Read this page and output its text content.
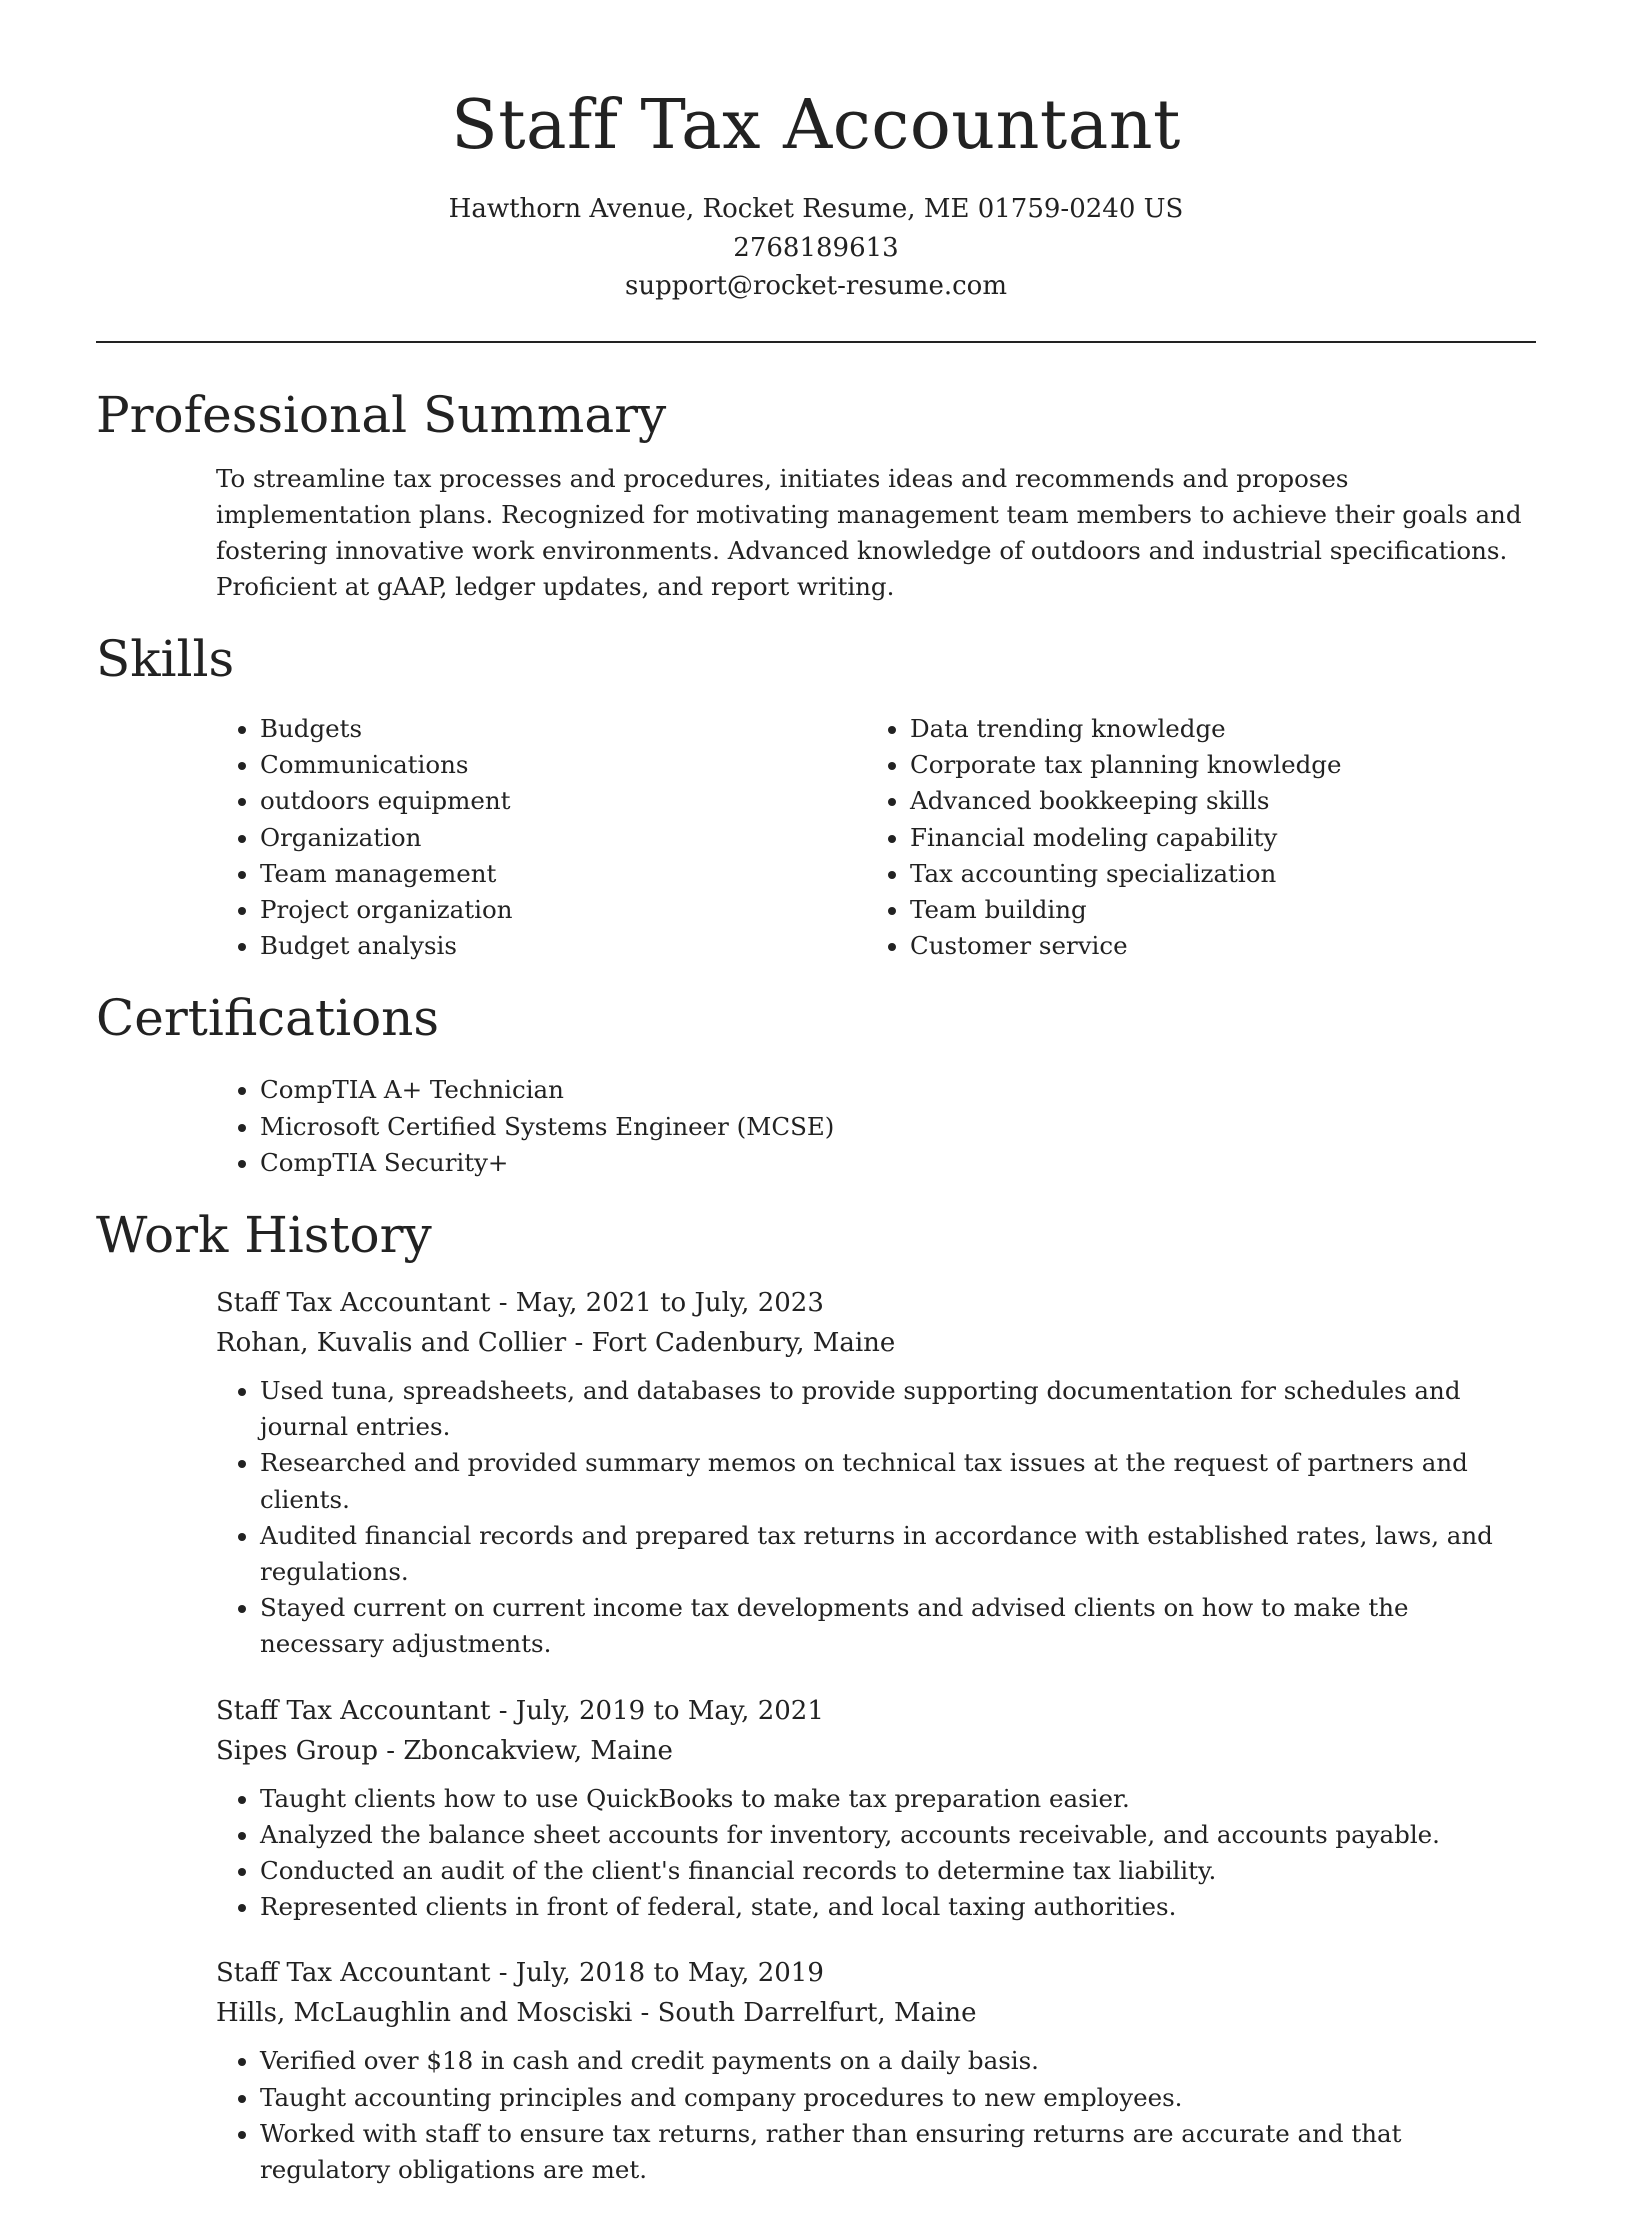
Staff Tax Accountant
Hawthorn Avenue, Rocket Resume, ME 01759-0240 US
2768189613
support@rocket-resume.com
Professional Summary

To streamline tax processes and procedures, initiates ideas and recommends and proposes implementation plans. Recognized for motivating management team members to achieve their goals and fostering innovative work environments. Advanced knowledge of outdoors and industrial specifications. Proficient at gAAP, ledger updates, and report writing.

Skills
• Budgets
• Communications
• outdoors equipment
• Organization
• Team management
• Project organization
• Budget analysis
• Data trending knowledge
• Corporate tax planning knowledge
• Advanced bookkeeping skills
• Financial modeling capability
• Tax accounting specialization
• Team building
• Customer service
Certifications
• CompTIA A+ Technician
• Microsoft Certified Systems Engineer (MCSE)
• CompTIA Security+
Work History
Staff Tax Accountant - May, 2021 to July, 2023
Rohan, Kuvalis and Collier - Fort Cadenbury, Maine
• Used tuna, spreadsheets, and databases to provide supporting documentation for schedules and journal entries.
• Researched and provided summary memos on technical tax issues at the request of partners and clients.
• Audited financial records and prepared tax returns in accordance with established rates, laws, and regulations.
• Stayed current on current income tax developments and advised clients on how to make the necessary adjustments.
Staff Tax Accountant - July, 2019 to May, 2021
Sipes Group - Zboncakview, Maine
• Taught clients how to use QuickBooks to make tax preparation easier.
• Analyzed the balance sheet accounts for inventory, accounts receivable, and accounts payable.
• Conducted an audit of the client's financial records to determine tax liability.
• Represented clients in front of federal, state, and local taxing authorities.
Staff Tax Accountant - July, 2018 to May, 2019
Hills, McLaughlin and Mosciski - South Darrelfurt, Maine
• Verified over $18 in cash and credit payments on a daily basis.
• Taught accounting principles and company procedures to new employees.
• Worked with staff to ensure tax returns, rather than ensuring returns are accurate and that regulatory obligations are met.
